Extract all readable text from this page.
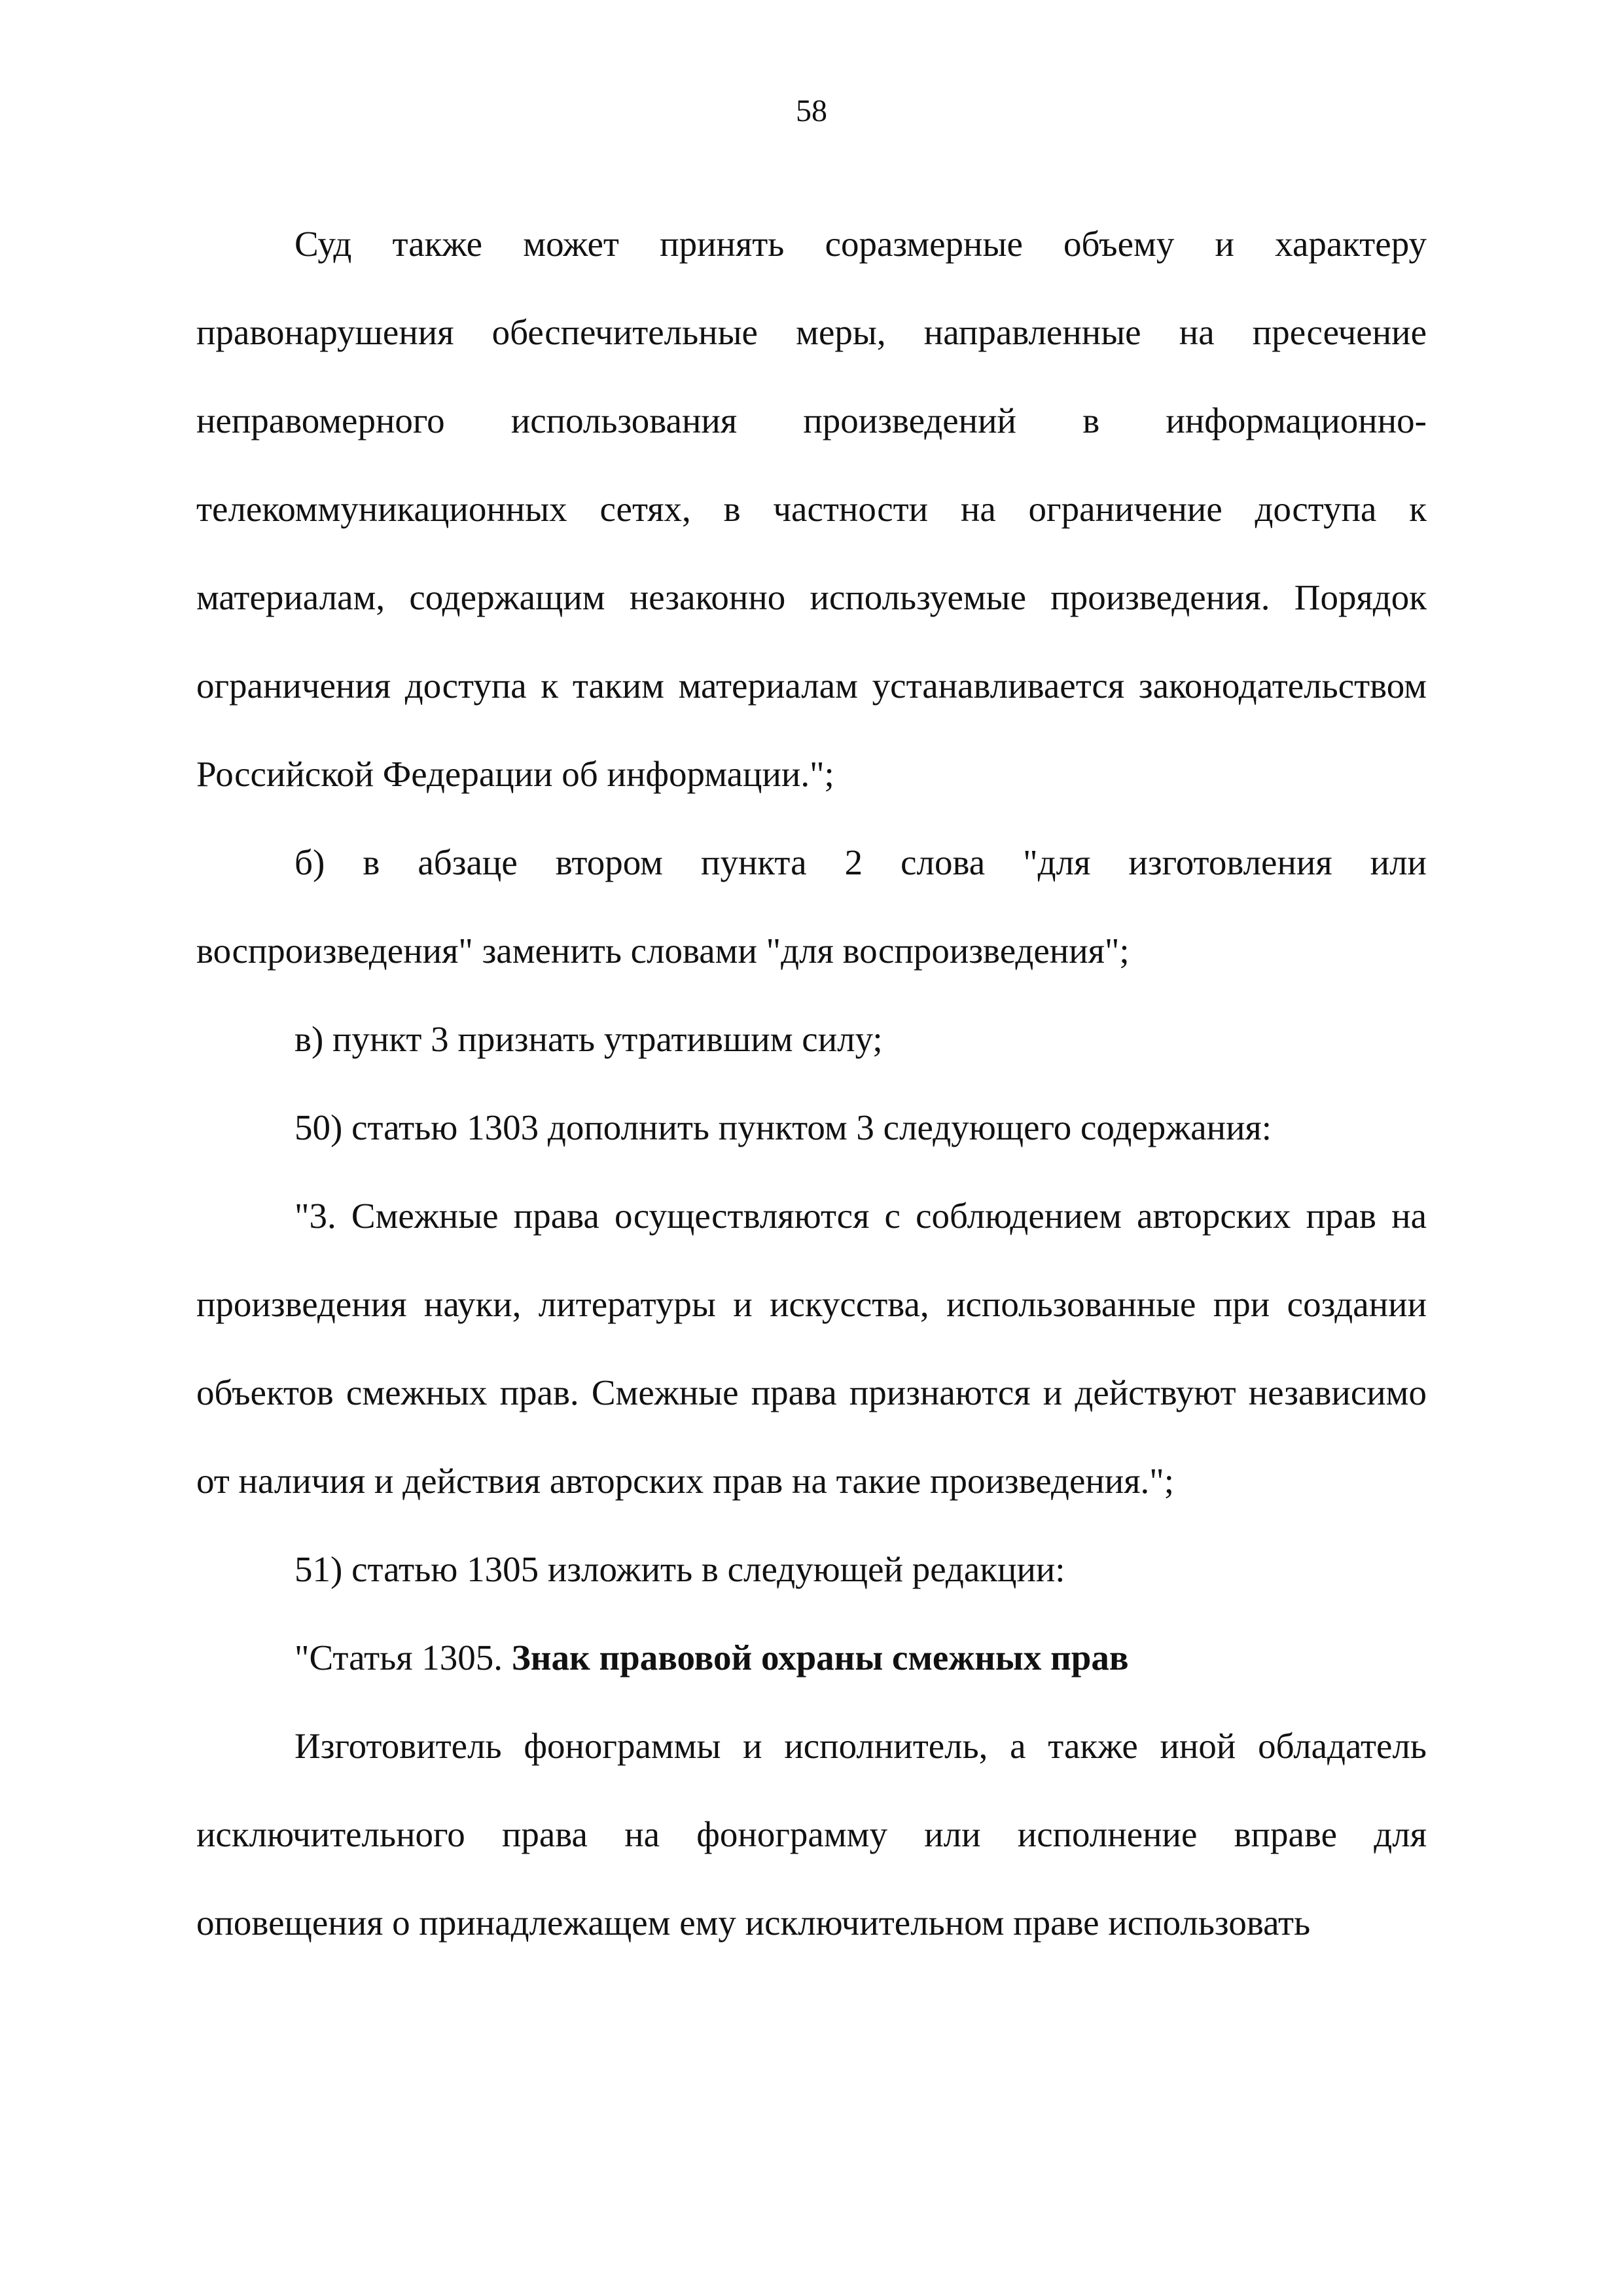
58

Суд также может принять соразмерные объему и характеру правонарушения обеспечительные меры, направленные на пресечение неправомерного использования произведений в информационно-телекоммуникационных сетях, в частности на ограничение доступа к материалам, содержащим незаконно используемые произведения. Порядок ограничения доступа к таким материалам устанавливается законодательством Российской Федерации об информации.";

б) в абзаце втором пункта 2 слова "для изготовления или воспроизведения" заменить словами "для воспроизведения";

в) пункт 3 признать утратившим силу;

50) статью 1303 дополнить пунктом 3 следующего содержания:

"3. Смежные права осуществляются с соблюдением авторских прав на произведения науки, литературы и искусства, использованные при создании объектов смежных прав. Смежные права признаются и действуют независимо от наличия и действия авторских прав на такие произведения.";

51) статью 1305 изложить в следующей редакции:

"Статья 1305. Знак правовой охраны смежных прав

Изготовитель фонограммы и исполнитель, а также иной обладатель исключительного права на фонограмму или исполнение вправе для оповещения о принадлежащем ему исключительном праве использовать
